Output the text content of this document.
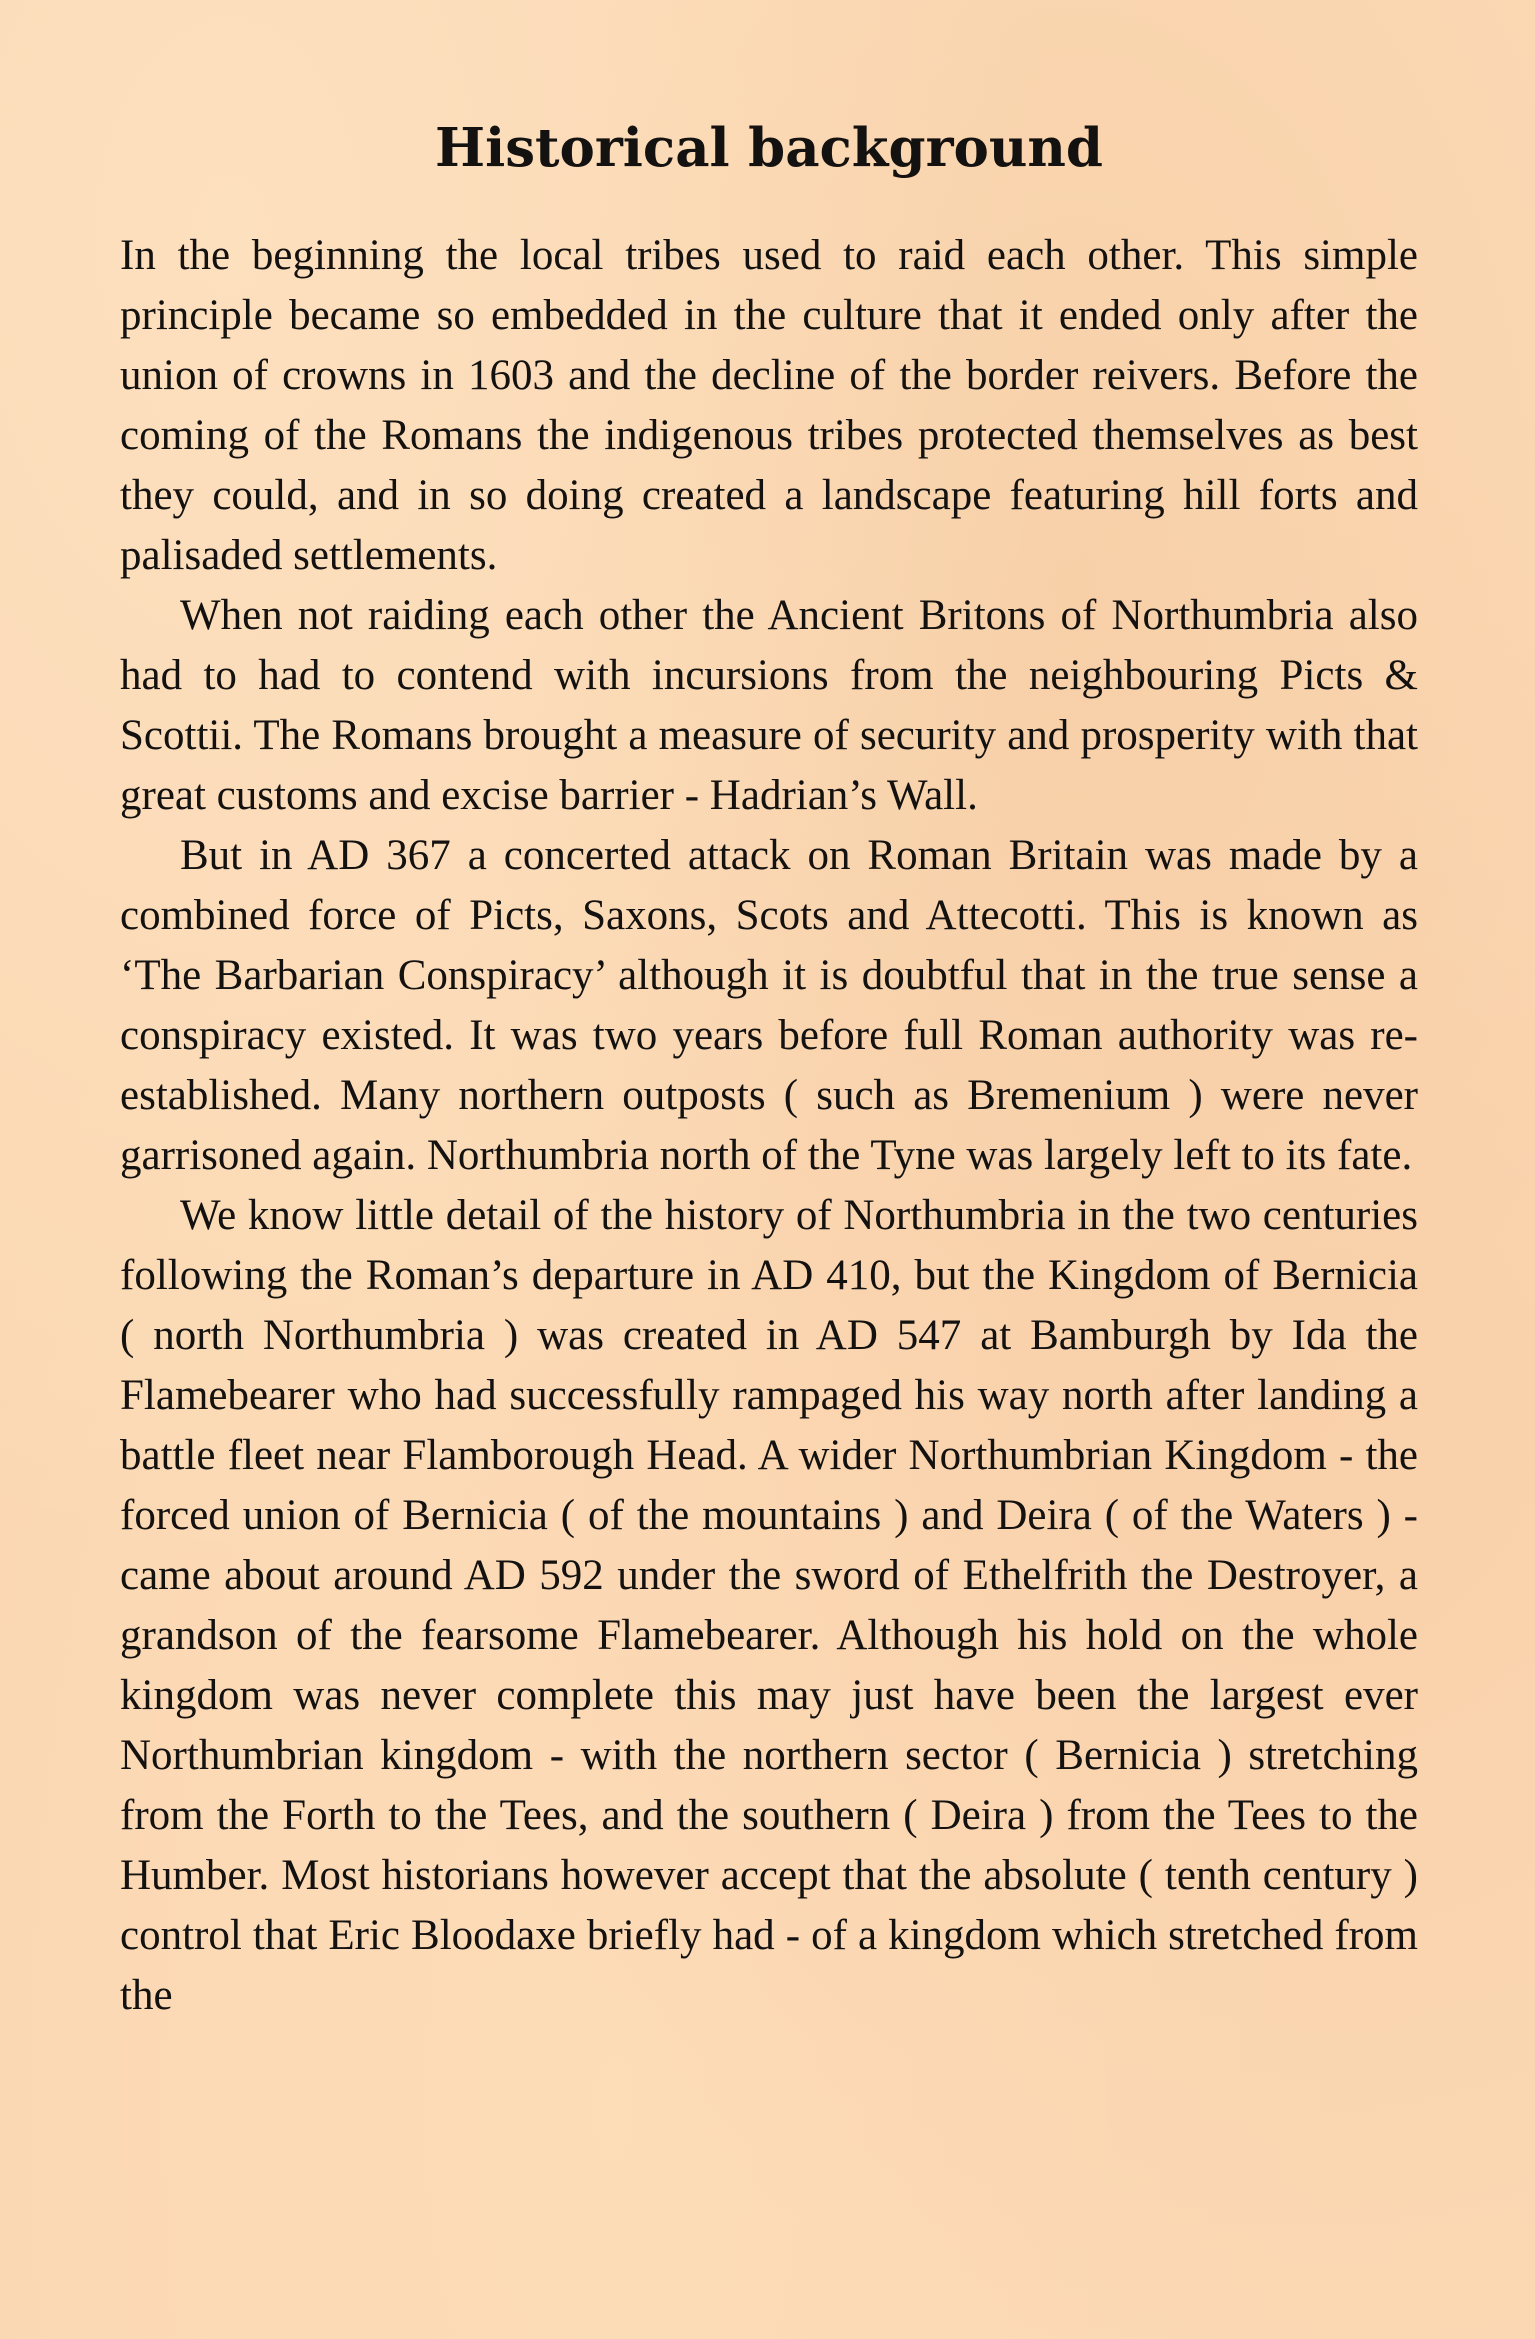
Historical background

In the beginning the local tribes used to raid each other. This simple principle became so embedded in the culture that it ended only after the union of crowns in 1603 and the decline of the border reivers. Before the coming of the Romans the indigenous tribes protected themselves as best they could, and in so doing created a landscape featuring hill forts and palisaded settlements.

When not raiding each other the Ancient Britons of Northumbria also had to had to contend with incursions from the neighbouring Picts & Scottii. The Romans brought a measure of security and prosperity with that great customs and excise barrier - Hadrian’s Wall.

But in AD 367 a concerted attack on Roman Britain was made by a combined force of Picts, Saxons, Scots and Attecotti. This is known as ‘The Barbarian Conspiracy’ although it is doubtful that in the true sense a conspiracy existed. It was two years before full Roman authority was re-established. Many northern outposts ( such as Bremenium ) were never garrisoned again. Northumbria north of the Tyne was largely left to its fate.

We know little detail of the history of Northumbria in the two centuries following the Roman’s departure in AD 410, but the Kingdom of Bernicia ( north Northumbria ) was created in AD 547 at Bamburgh by Ida the Flamebearer who had successfully rampaged his way north after landing a battle fleet near Flamborough Head. A wider Northumbrian Kingdom - the forced union of Bernicia ( of the mountains ) and Deira ( of the Waters ) - came about around AD 592 under the sword of Ethelfrith the Destroyer, a grandson of the fearsome Flamebearer. Although his hold on the whole kingdom was never complete this may just have been the largest ever Northumbrian kingdom - with the northern sector ( Bernicia ) stretching from the Forth to the Tees, and the southern ( Deira ) from the Tees to the Humber. Most historians however accept that the absolute ( tenth century ) control that Eric Bloodaxe briefly had - of a kingdom which stretched from the
